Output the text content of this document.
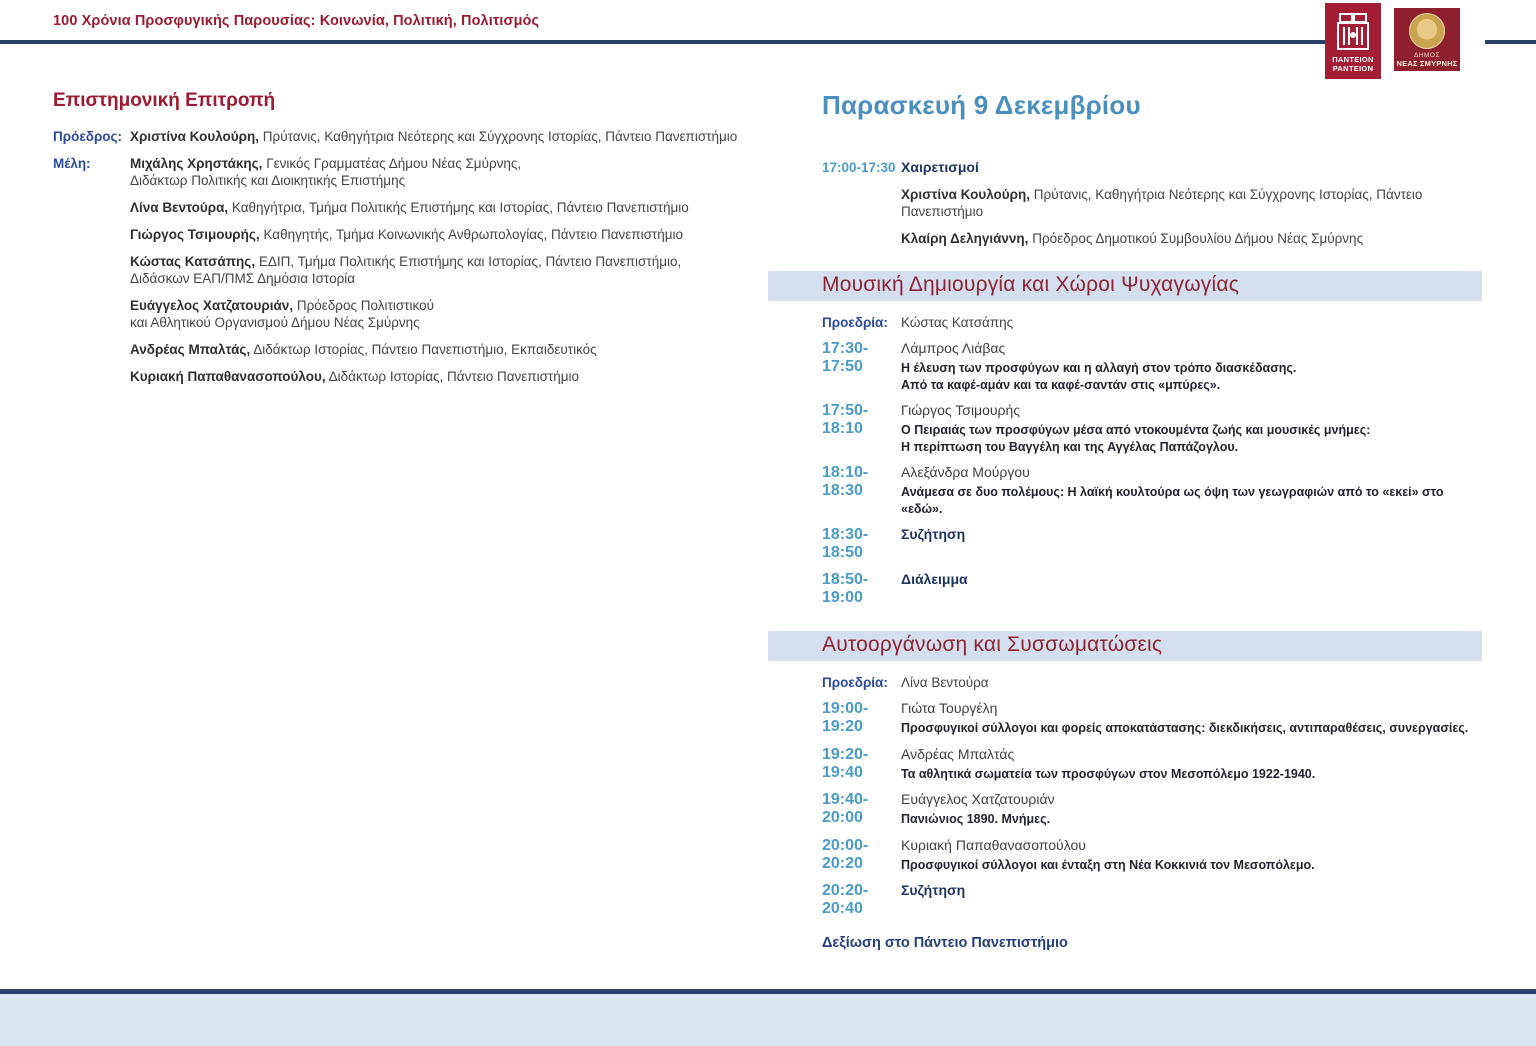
100 Χρόνια Προσφυγικής Παρουσίας: Κοινωνία, Πολιτική, Πολιτισμός
ΠΑΝΤΕΙΟΝ
PANTEION
ΔΗΜΟΣ
ΝΕΑΣ ΣΜΥΡΝΗΣ
Επιστημονική Επιτροπή
Πρόεδρος: Χριστίνα Κουλούρη, Πρύτανις, Καθηγήτρια Νεότερης και Σύγχρονης Ιστορίας, Πάντειο Πανεπιστήμιο
Μέλη:	Μιχάλης Χρηστάκης, Γενικός Γραμματέας Δήμου Νέας Σμύρνης,
Διδάκτωρ Πολιτικής και Διοικητικής Επιστήμης
Λίνα Βεντούρα, Καθηγήτρια, Τμήμα Πολιτικής Επιστήμης και Ιστορίας, Πάντειο Πανεπιστήμιο
Γιώργος Τσιμουρής, Καθηγητής, Τμήμα Κοινωνικής Ανθρωπολογίας, Πάντειο Πανεπιστήμιο
Κώστας Κατσάπης, ΕΔΙΠ, Τμήμα Πολιτικής Επιστήμης και Ιστορίας, Πάντειο Πανεπιστήμιο,
Διδάσκων ΕΑΠ/ΠΜΣ Δημόσια Ιστορία
Ευάγγελος Χατζατουριάν, Πρόεδρος Πολιτιστικού
και Αθλητικού Οργανισμού Δήμου Νέας Σμύρνης
Ανδρέας Μπαλτάς, Διδάκτωρ Ιστορίας, Πάντειο Πανεπιστήμιο, Εκπαιδευτικός
Κυριακή Παπαθανασοπούλου, Διδάκτωρ Ιστορίας, Πάντειο Πανεπιστήμιο
Παρασκευή 9 Δεκεμβρίου
17:00-17:30 Χαιρετισμοί
Χριστίνα Κουλούρη, Πρύτανις, Καθηγήτρια Νεότερης και Σύγχρονης Ιστορίας, Πάντειο Πανεπιστήμιο
Κλαίρη Δεληγιάννη, Πρόεδρος Δημοτικού Συμβουλίου Δήμου Νέας Σμύρνης
Μουσική Δημιουργία και Χώροι Ψυχαγωγίας
Προεδρία: Κώστας Κατσάπης
17:30-17:50
Λάμπρος Λιάβας
Η έλευση των προσφύγων και η αλλαγή στον τρόπο διασκέδασης.
Από τα καφέ-αμάν και τα καφέ-σαντάν στις «μπύρες».
17:50-18:10
Γιώργος Τσιμουρής
Ο Πειραιάς των προσφύγων μέσα από ντοκουμέντα ζωής και μουσικές μνήμες:
Η περίπτωση του Βαγγέλη και της Αγγέλας Παπάζογλου.
18:10-18:30
Αλεξάνδρα Μούργου
Ανάμεσα σε δυο πολέμους: Η λαϊκή κουλτούρα ως όψη των γεωγραφιών από το «εκεί» στο «εδώ».
18:30-18:50
Συζήτηση
18:50-19:00
Διάλειμμα
Αυτοοργάνωση και Συσσωματώσεις
Προεδρία: Λίνα Βεντούρα
19:00-19:20
Γιώτα Τουργέλη
Προσφυγικοί σύλλογοι και φορείς αποκατάστασης: διεκδικήσεις, αντιπαραθέσεις, συνεργασίες.
19:20-19:40
Ανδρέας Μπαλτάς
Τα αθλητικά σωματεία των προσφύγων στον Μεσοπόλεμο 1922-1940.
19:40-20:00
Ευάγγελος Χατζατουριάν
Πανιώνιος 1890. Μνήμες.
20:00-20:20
Κυριακή Παπαθανασοπούλου
Προσφυγικοί σύλλογοι και ένταξη στη Νέα Κοκκινιά τον Μεσοπόλεμο.
20:20-20:40
Συζήτηση
Δεξίωση στο Πάντειο Πανεπιστήμιο
